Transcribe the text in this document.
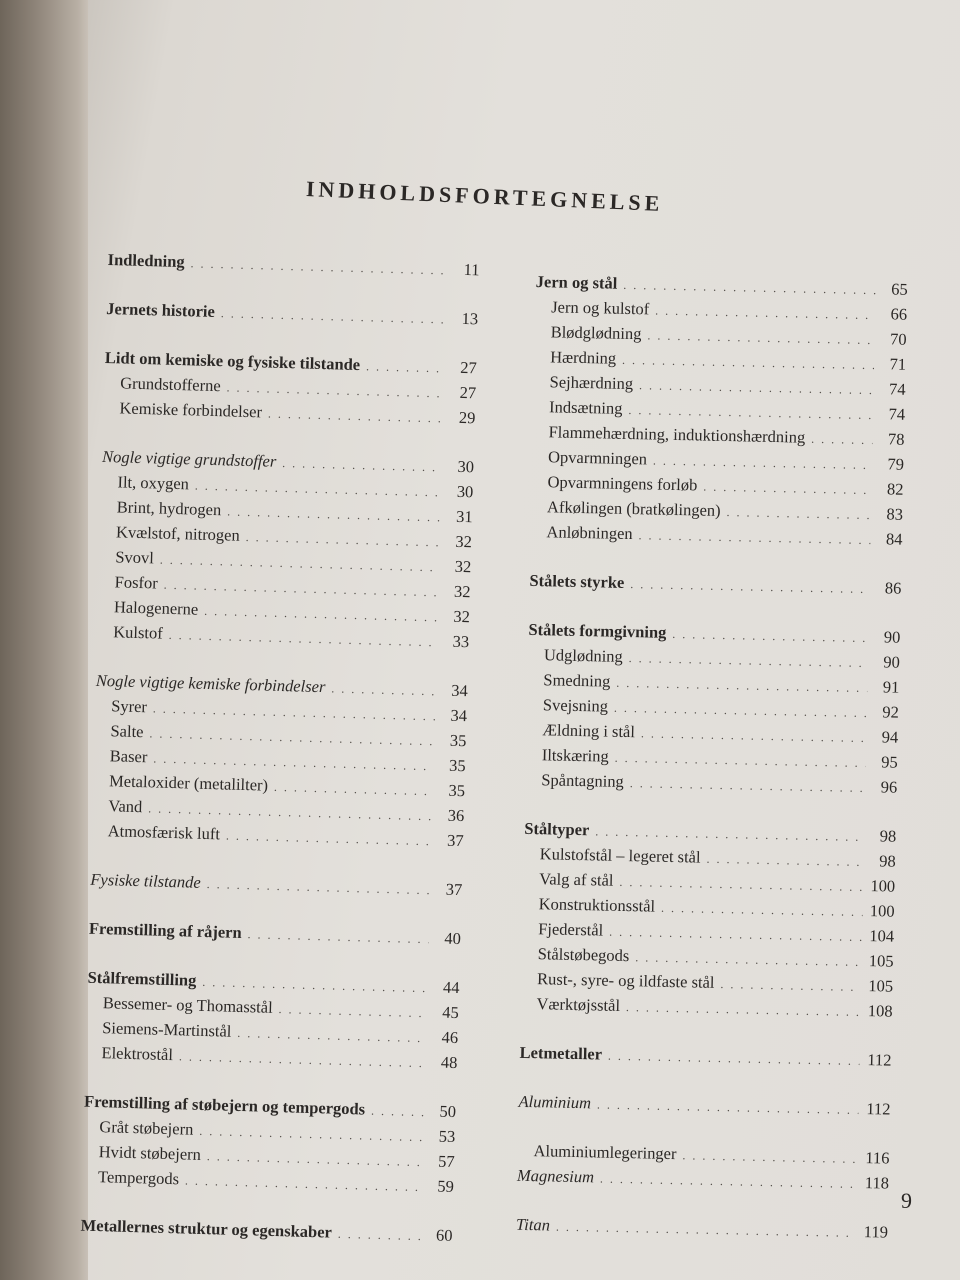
INDHOLDSFORTEGNELSE
Indledning . . .	11
Jernets historie . . .	13
Lidt om kemiske og fysiske tilstande . . .	27
Grundstofferne . . .	27
Kemiske forbindelser . . .	29
Nogle vigtige grundstoffer . . .	30
Ilt, oxygen . . .	30
Brint, hydrogen . . .	31
Kvælstof, nitrogen . . .	32
Svovl . . .	32
Fosfor . . .	32
Halogenerne . . .	32
Kulstof . . .	33
Nogle vigtige kemiske forbindelser . . .	34
Syrer . . .	34
Salte . . .	35
Baser . . .	35
Metaloxider (metalilter) . . .	35
Vand . . .	36
Atmosfærisk luft . . .	37
Fysiske tilstande . . .	37
Fremstilling af råjern . . .	40
Stålfremstilling . . .	44
Bessemer- og Thomasstål . . .	45
Siemens-Martinstål . . .	46
Elektrostål . . .	48
Fremstilling af støbejern og tempergods . . .	50
Gråt støbejern . . .	53
Hvidt støbejern . . .	57
Tempergods . . .	59
Metallernes struktur og egenskaber . . .	60
Jern og stål . . .	65
Jern og kulstof . . .	66
Blødglødning . . .	70
Hærdning . . .	71
Sejhærdning . . .	74
Indsætning . . .	74
Flammehærdning, induktionshærdning . . .	78
Opvarmningen . . .	79
Opvarmningens forløb . . .	82
Afkølingen (bratkølingen) . . .	83
Anløbningen . . .	84
Stålets styrke . . .	86
Stålets formgivning . . .	90
Udglødning . . .	90
Smedning . . .	91
Svejsning . . .	92
Ældning i stål . . .	94
Iltskæring . . .	95
Spåntagning . . .	96
Ståltyper . . .	98
Kulstofstål – legeret stål . . .	98
Valg af stål . . .	100
Konstruktionsstål . . .	100
Fjederstål . . .	104
Stålstøbegods . . .	105
Rust-, syre- og ildfaste stål . . .	105
Værktøjsstål . . .	108
Letmetaller . . .	112
Aluminium . . .	112
Aluminiumlegeringer . . .	116
Magnesium . . .	118
Titan . . .	119
9
